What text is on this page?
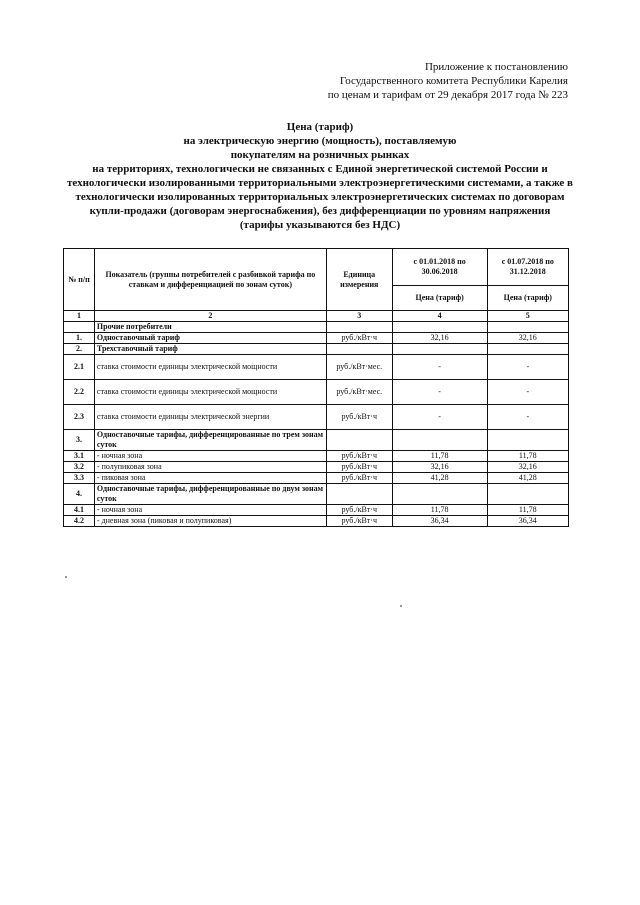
Приложение к постановлению
Государственного комитета Республики Карелия
по ценам и тарифам от 29 декабря 2017 года № 223
Цена (тариф)
на электрическую энергию (мощность), поставляемую
покупателям на розничных рынках
на территориях, технологически не связанных с Единой энергетической системой России и
технологически изолированными территориальными электроэнергетическими системами, а также в
технологически изолированных территориальных электроэнергетических системах по договорам
купли-продажи (договорам энергоснабжения), без дифференциации по уровням напряжения
(тарифы указываются без НДС)
№ п/п	Показатель (группы потребителей с разбивкой тарифа по ставкам и дифференциацией по зонам суток)	Единица измерения	с 01.01.2018 по 30.06.2018	с 01.07.2018 по 31.12.2018
			Цена (тариф)	Цена (тариф)
1	2	3	4	5
	Прочие потребители			
1.	Одноставочный тариф	руб./кВт·ч	32,16	32,16
2.	Трехставочный тариф			
2.1	ставка стоимости единицы электрической мощности	руб./кВт·мес.	-	-
2.2	ставка стоимости единицы электрической мощности	руб./кВт·мес.	-	-
2.3	ставка стоимости единицы электрической энергии	руб./кВт·ч	-	-
3.	Одноставочные тарифы, дифференцированные по трем зонам суток			
3.1	- ночная зона	руб./кВт·ч	11,78	11,78
3.2	- полупиковая зона	руб./кВт·ч	32,16	32,16
3.3	- пиковая зона	руб./кВт·ч	41,28	41,28
4.	Одноставочные тарифы, дифференцированные по двум зонам суток			
4.1	- ночная зона	руб./кВт·ч	11,78	11,78
4.2	- дневная зона (пиковая и полупиковая)	руб./кВт·ч	36,34	36,34
